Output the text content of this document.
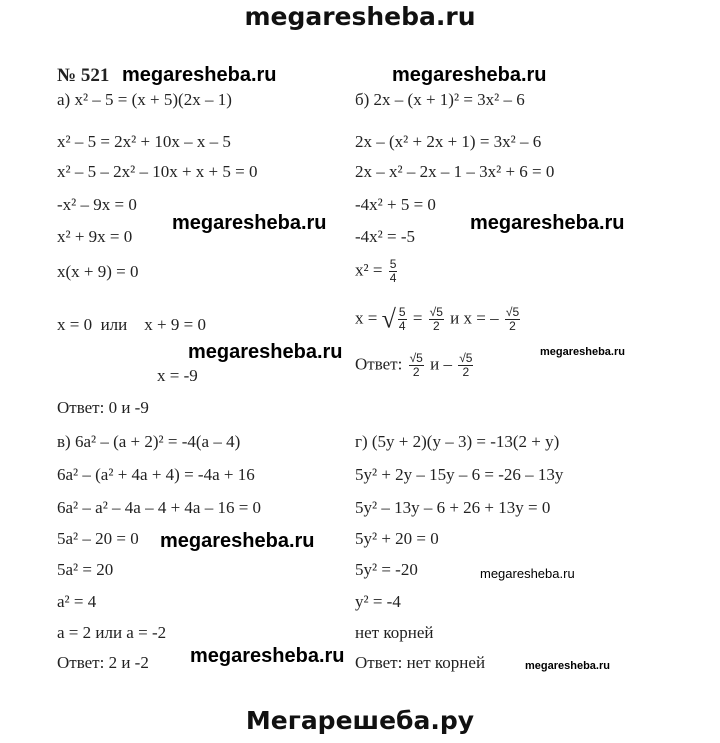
megaresheba.ru
№ 521
а) x² – 5 = (x + 5)(2x – 1)
x² – 5 = 2x² + 10x – x – 5
x² – 5 – 2x² – 10x + x + 5 = 0
-x² – 9x = 0
x² + 9x = 0
x(x + 9) = 0
x = 0  или    x + 9 = 0
x = -9
Ответ: 0 и -9
б) 2x – (x + 1)² = 3x² – 6
2x – (x² + 2x + 1) = 3x² – 6
2x – x² – 2x – 1 – 3x² + 6 = 0
-4x² + 5 = 0
-4x² = -5
$x^2 = \frac{5}{4}$
x = √ $\frac{5}{4} = \frac{√5}{2}$ и x = – $\frac{√5}{2}$
Ответ: $\frac{√5}{2}$ и – $\frac{√5}{2}$
в) 6a² – (a + 2)² = -4(a – 4)
6a² – (a² + 4a + 4) = -4a + 16
6a² – a² – 4a – 4 + 4a – 16 = 0
5a² – 20 = 0
5a² = 20
a² = 4
a = 2 или a = -2
Ответ: 2 и -2
г) (5y + 2)(y – 3) = -13(2 + y)
5y² + 2y – 15y – 6 = -26 – 13y
5y² – 13y – 6 + 26 + 13y = 0
5y² + 20 = 0
5y² = -20
y² = -4
нет корней
Ответ: нет корней
megaresheba.ru	megaresheba.ru
megaresheba.ru	megaresheba.ru
megaresheba.ru	megaresheba.ru
megaresheba.ru
megaresheba.ru
megaresheba.ru	megaresheba.ru
Мегарешеба.ру
